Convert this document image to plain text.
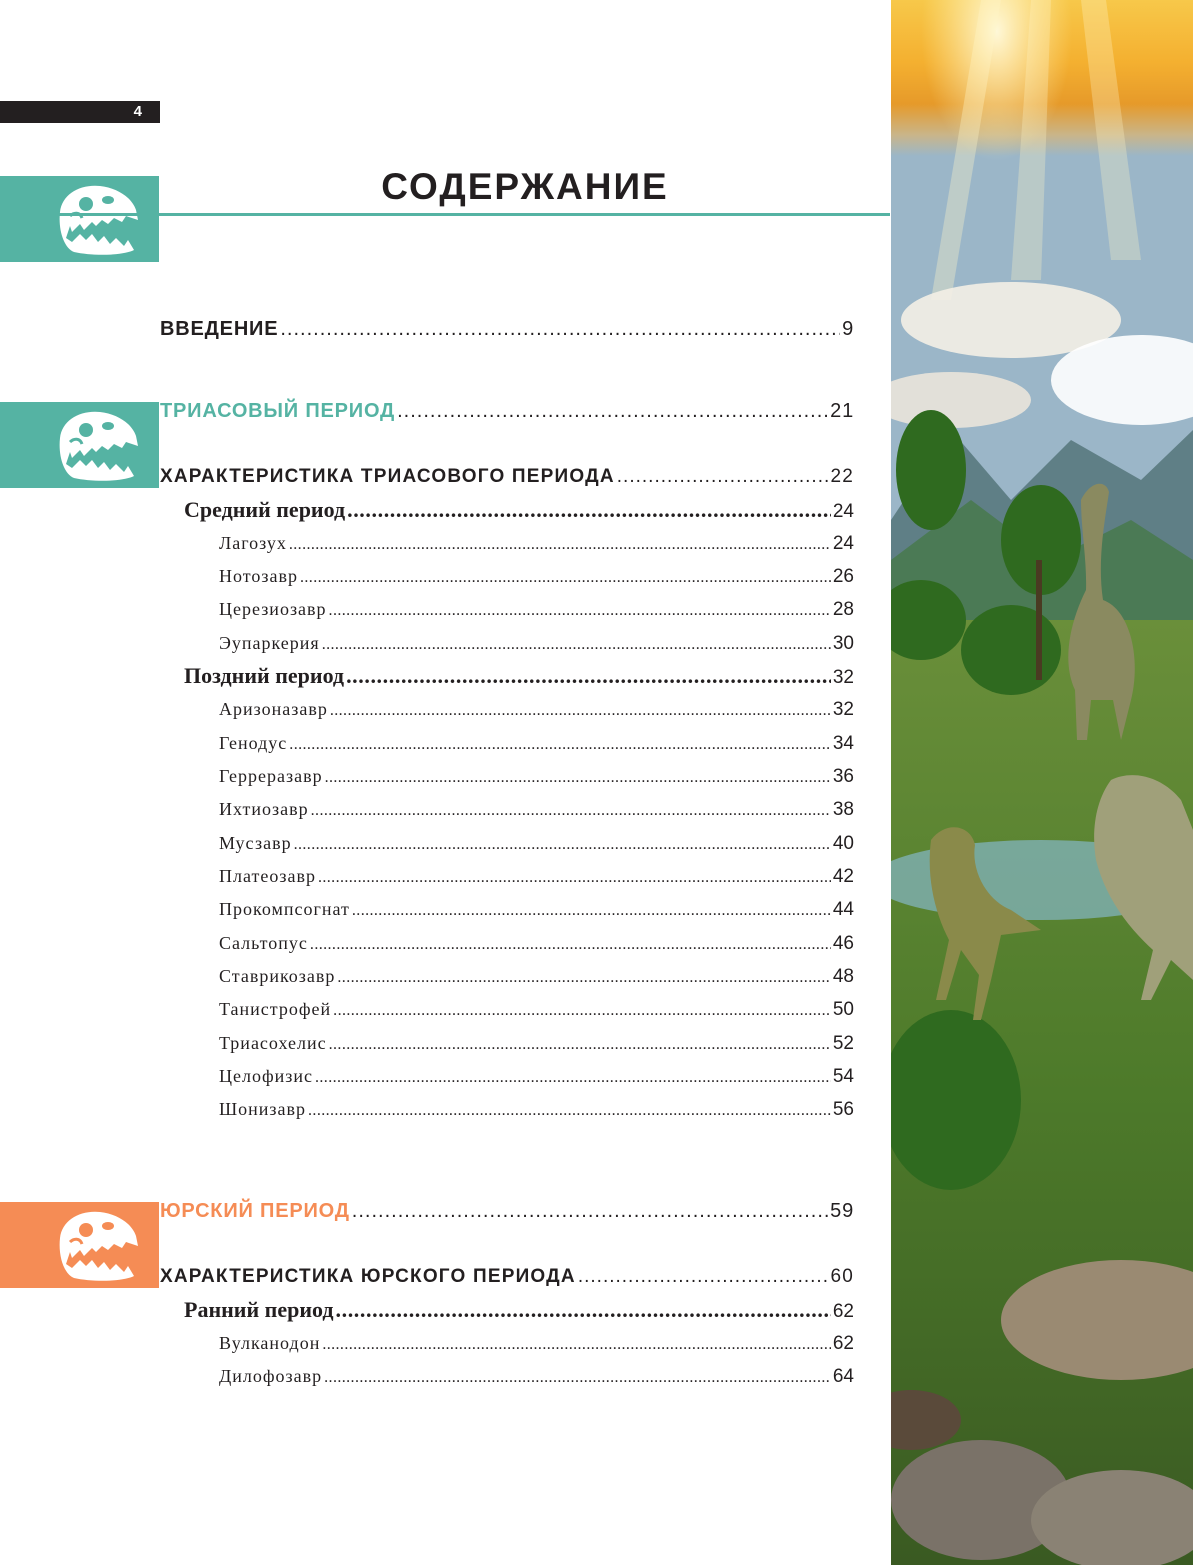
4
СОДЕРЖАНИЕ
ВВЕДЕНИЕ .....	9
ТРИАСОВЫЙ ПЕРИОД .....	21
ХАРАКТЕРИСТИКА ТРИАСОВОГО ПЕРИОДА .....	22
Средний период .....	24
Лагозух .....	24
Нотозавр .....	26
Церезиозавр .....	28
Эупаркерия .....	30
Поздний период .....	32
Аризоназавр .....	32
Генодус .....	34
Герреразавр .....	36
Ихтиозавр .....	38
Мусзавр .....	40
Платеозавр .....	42
Прокомпсогнат .....	44
Сальтопус .....	46
Ставрикозавр .....	48
Танистрофей .....	50
Триасохелис .....	52
Целофизис .....	54
Шонизавр .....	56
ЮРСКИЙ ПЕРИОД .....	59
ХАРАКТЕРИСТИКА ЮРСКОГО ПЕРИОДА .....	60
Ранний период .....	62
Вулканодон .....	62
Дилофозавр .....	64
